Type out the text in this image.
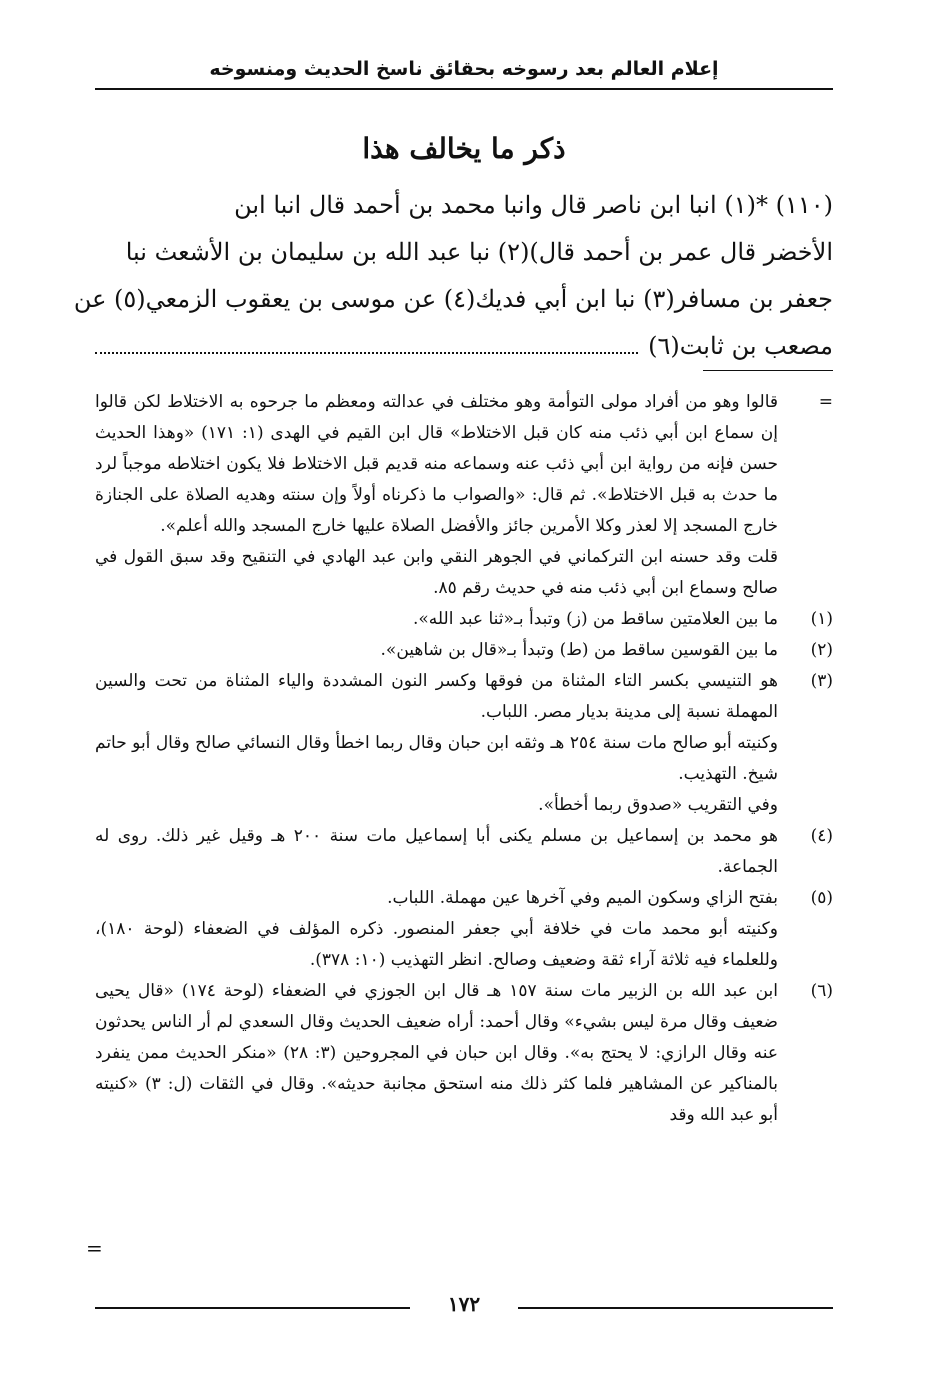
إعلام العالم بعد رسوخه بحقائق ناسخ الحديث ومنسوخه
ذكر ما يخالف هذا
(١١٠) *(١) انبا ابن ناصر قال وانبا محمد بن أحمد قال انبا ابن
الأخضر قال عمر بن أحمد قال)(٢) نبا عبد الله بن سليمان بن الأشعث نبا
جعفر بن مسافر(٣) نبا ابن أبي فديك(٤) عن موسى بن يعقوب الزمعي(٥) عن
مصعب بن ثابت(٦)
=

قالوا وهو من أفراد مولى التوأمة وهو مختلف في عدالته ومعظم ما جرحوه به الاختلاط لكن قالوا إن سماع ابن أبي ذئب منه كان قبل الاختلاط» قال ابن القيم في الهدى (١: ١٧١) «وهذا الحديث حسن فإنه من رواية ابن أبي ذئب عنه وسماعه منه قديم قبل الاختلاط فلا يكون اختلاطه موجباً لرد ما حدث به قبل الاختلاط». ثم قال: «والصواب ما ذكرناه أولاً وإن سنته وهديه الصلاة على الجنازة خارج المسجد إلا لعذر وكلا الأمرين جائز والأفضل الصلاة عليها خارج المسجد والله أعلم».

قلت وقد حسنه ابن التركماني في الجوهر النقي وابن عبد الهادي في التنقيح وقد سبق القول في صالح وسماع ابن أبي ذئب منه في حديث رقم ٨٥.

(١)

ما بين العلامتين ساقط من (ز) وتبدأ بـ«ثنا عبد الله».

(٢)

ما بين القوسين ساقط من (ط) وتبدأ بـ«قال بن شاهين».

(٣)

هو التنيسي بكسر التاء المثناة من فوقها وكسر النون المشددة والياء المثناة من تحت والسين المهملة نسبة إلى مدينة بديار مصر. اللباب.

وكنيته أبو صالح مات سنة ٢٥٤ هـ وثقه ابن حبان وقال ربما اخطأ وقال النسائي صالح وقال أبو حاتم شيخ. التهذيب.

وفي التقريب «صدوق ربما أخطأ».

(٤)

هو محمد بن إسماعيل بن مسلم يكنى أبا إسماعيل مات سنة ٢٠٠ هـ وقيل غير ذلك. روى له الجماعة.

(٥)

بفتح الزاي وسكون الميم وفي آخرها عين مهملة. اللباب.

وكنيته أبو محمد مات في خلافة أبي جعفر المنصور. ذكره المؤلف في الضعفاء (لوحة ١٨٠)، وللعلماء فيه ثلاثة آراء ثقة وضعيف وصالح. انظر التهذيب (١٠: ٣٧٨).

(٦)

ابن عبد الله بن الزبير مات سنة ١٥٧ هـ قال ابن الجوزي في الضعفاء (لوحة ١٧٤) «قال يحيى ضعيف وقال مرة ليس بشيء» وقال أحمد: أراه ضعيف الحديث وقال السعدي لم أر الناس يحدثون عنه وقال الرازي: لا يحتج به». وقال ابن حبان في المجروحين (٣: ٢٨) «منكر الحديث ممن ينفرد بالمناكير عن المشاهير فلما كثر ذلك منه استحق مجانبة حديثه». وقال في الثقات (ل: ٣) «كنيته أبو عبد الله وقد

=
١٧٢
